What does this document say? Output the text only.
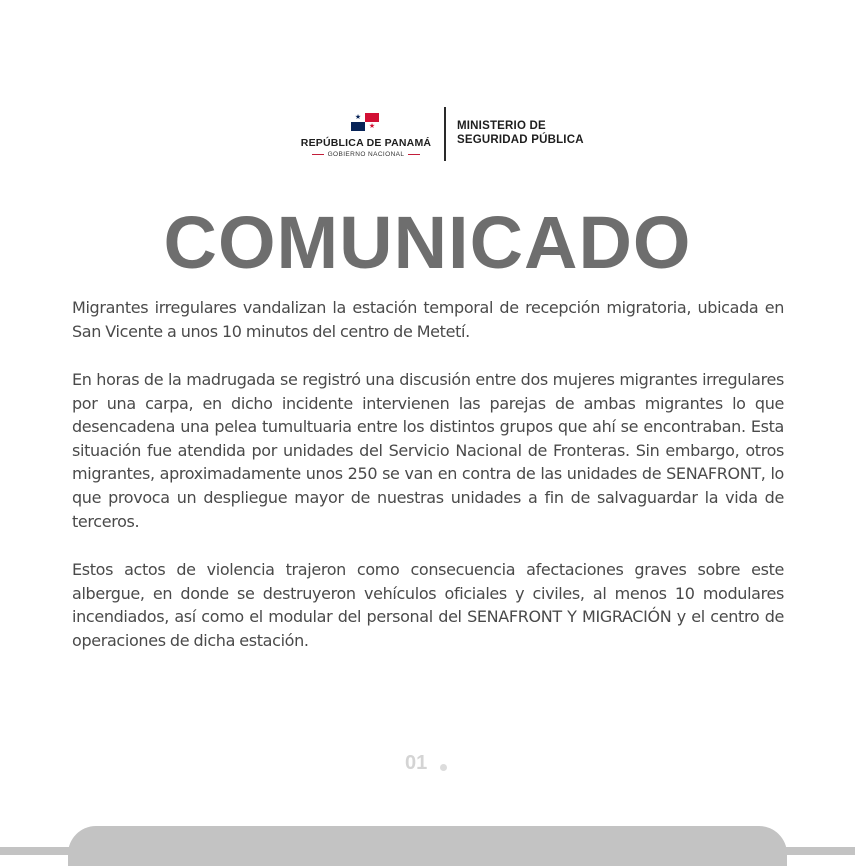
★
★
REPÚBLICA DE PANAMÁ
GOBIERNO NACIONAL
MINISTERIO DE
SEGURIDAD PÚBLICA
COMUNICADO

Migrantes irregulares vandalizan la estación temporal de recepción migratoria, ubicada en San Vicente a unos 10 minutos del centro de Metetí.

En horas de la madrugada se registró una discusión entre dos mujeres migrantes irregulares por una carpa, en dicho incidente intervienen las parejas de ambas migrantes lo que desencadena una pelea tumultuaria entre los distintos grupos que ahí se encontraban. Esta situación fue atendida por unidades del Servicio Nacional de Fronteras. Sin embargo, otros migrantes, aproximadamente unos 250 se van en contra de las unidades de SENAFRONT, lo que provoca un despliegue mayor de nuestras unidades a fin de salvaguardar la vida de terceros.

Estos actos de violencia trajeron como consecuencia afectaciones graves sobre este albergue, en donde se destruyeron vehículos oficiales y civiles, al menos 10 modulares incendiados, así como el modular del personal del SENAFRONT Y MIGRACIÓN y el centro de operaciones de dicha estación.

01
